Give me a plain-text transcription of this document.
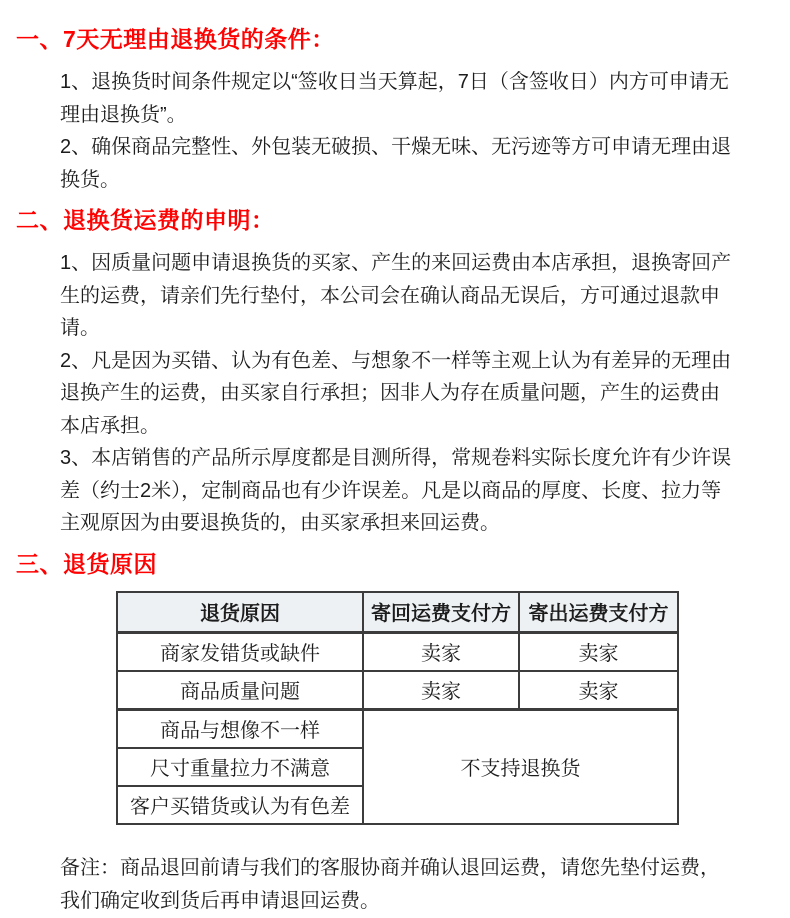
一、7天无理由退换货的条件：

1、退换货时间条件规定以“签收日当天算起，7日（含签收日）内方可申请无理由退换货”。

2、确保商品完整性、外包装无破损、干燥无味、无污迹等方可申请无理由退换货。

二、退换货运费的申明：

1、因质量问题申请退换货的买家、产生的来回运费由本店承担，退换寄回产生的运费，请亲们先行垫付，本公司会在确认商品无误后，方可通过退款申请。

2、凡是因为买错、认为有色差、与想象不一样等主观上认为有差异的无理由退换产生的运费，由买家自行承担；因非人为存在质量问题，产生的运费由本店承担。

3、本店销售的产品所示厚度都是目测所得，常规卷料实际长度允许有少许误差（约士2米），定制商品也有少许误差。凡是以商品的厚度、长度、拉力等主观原因为由要退换货的，由买家承担来回运费。

三、退货原因
退货原因	寄回运费支付方	寄出运费支付方
商家发错货或缺件	卖家	卖家
商品质量问题	卖家	卖家
商品与想像不一样	不支持退换货	
尺寸重量拉力不满意		
客户买错货或认为有色差		

备注：商品退回前请与我们的客服协商并确认退回运费，请您先垫付运费，我们确定收到货后再申请退回运费。
